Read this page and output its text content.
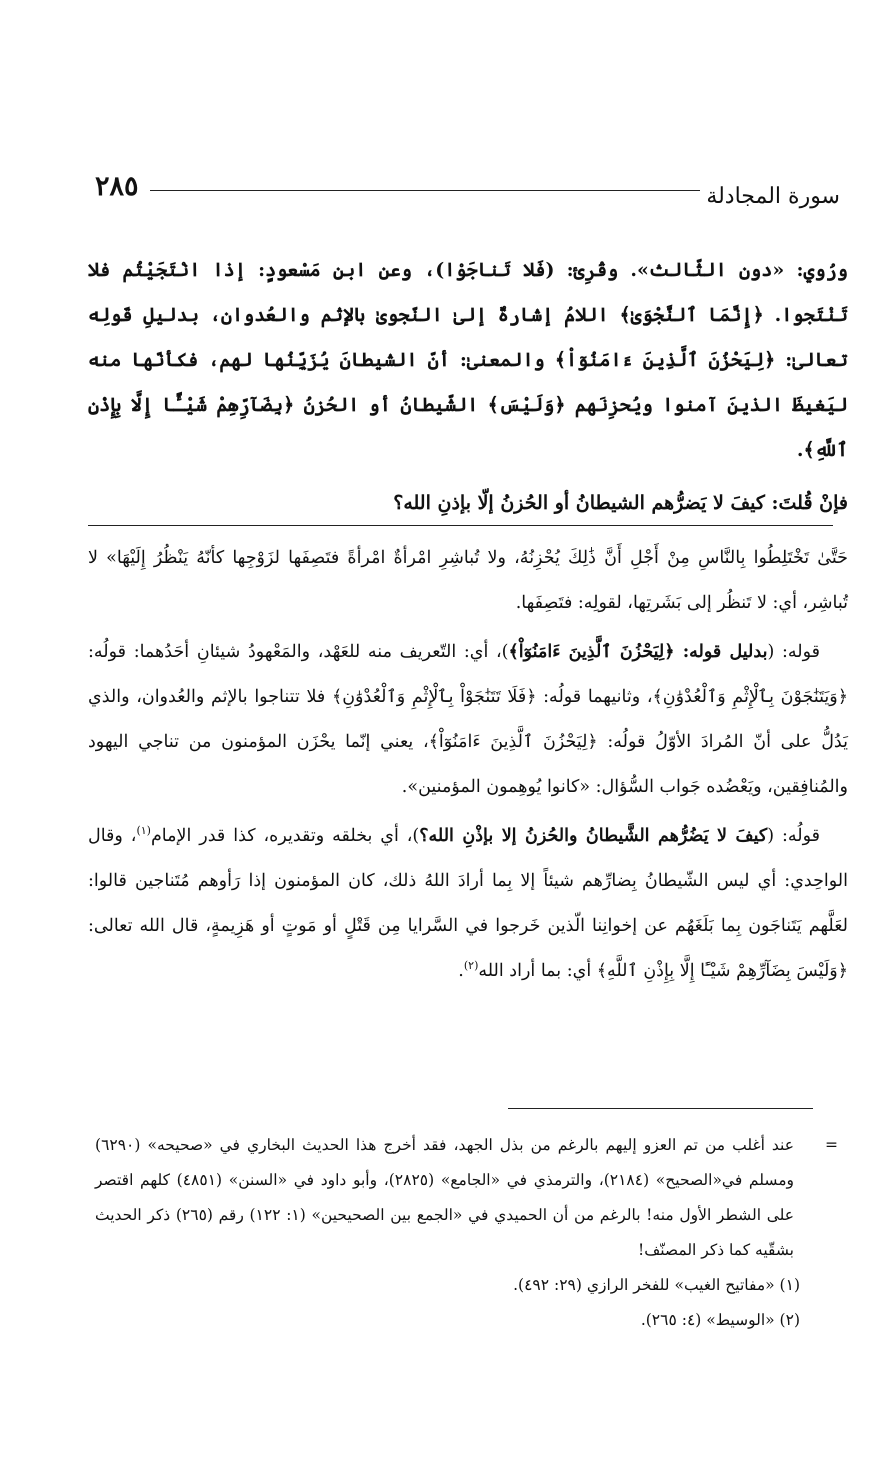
سورة المجادلة
٢٨٥

ورُوي: «دون الثّالث». وقُرِئ: (فَلا تَناجَوْا)، وعن ابنِ مَسْعودٍ: إذا انْتَجَيْتُم فلا تَنْتَجوا. ﴿إِنَّمَا ٱلنَّجْوَىٰ﴾ اللامُ إشارةٌ إلىٰ النّجوىٰ بالإثم والعُدوان، بدليلِ قَولِه تعالىٰ: ﴿لِيَحْزُنَ ٱلَّذِينَ ءَامَنُوٓاْ﴾ والمعنىٰ: أنّ الشيطانَ يُزَيِّنُها لهم، فكأنّها منه ليَغيظَ الذينَ آمنوا ويُحزِنَهم ﴿وَلَيْسَ﴾ الشّيطانُ أو الحُزنُ ﴿بِضَآرِّهِمْ شَيْـًٔا إِلَّا بِإِذْنِ ٱللَّهِ﴾.

فإنْ قُلتَ: كيفَ لا يَضرُّهم الشيطانُ أو الحُزنُ إلّا بإذنِ الله؟

حَتَّىٰ تَخْتَلِطُوا بِالنَّاسِ مِنْ أَجْلِ أَنَّ ذَٰلِكَ يُحْزِنُهُ، ولا تُباشِرِ امْرأةٌ امْرأةً فتَصِفَها لزَوْجِها كأنّهُ يَنْظُرُ إِلَيْهَا» لا تُباشِر، أي: لا تَنظُر إلى بَشَرتِها، لقولِه: فتَصِفَها.

قوله: (بدليل قوله: ﴿لِيَحْزُنَ ٱلَّذِينَ ءَامَنُوٓاْ﴾)، أي: التّعريف منه للعَهْد، والمَعْهودُ شيئانِ أحَدُهما: قولُه: ﴿وَيَتَنَٰجَوْنَ بِٱلْإِثْمِ وَٱلْعُدْوَٰنِ﴾، وثانيهما قولُه: ﴿فَلَا تَتَنَٰجَوْاْ بِٱلْإِثْمِ وَٱلْعُدْوَٰنِ﴾ فلا تتناجوا بالإثم والعُدوان، والذي يَدُلُّ على أنّ المُرادَ الأوّلُ قولُه: ﴿لِيَحْزُنَ ٱلَّذِينَ ءَامَنُوٓاْ﴾، يعني إنّما يحْزَن المؤمنون من تناجي اليهود والمُنافِقين، ويَعْضُده جَواب السُّؤال: «كانوا يُوهِمون المؤمنين».

قولُه: (كيفَ لا يَضُرُّهم الشَّيطانُ والحُزنُ إلا بإذْنِ الله؟)، أي بخلقه وتقديره، كذا قدر الإمام$^{(١)}$، وقال الواحِدي: أي ليس الشّيطانُ بِضارِّهم شيئاً إلا بِما أرادَ اللهُ ذلك، كان المؤمنون إذا رَأوهم مُتَناجين قالوا: لعَلَّهم يَتَناجَون بِما بَلَغَهُم عن إخوانِنا الّذين خَرجوا في السَّرايا مِن قَتْلٍ أو مَوتٍ أو هَزِيمةٍ، قال الله تعالى: ﴿وَلَيْسَ بِضَآرِّهِمْ شَيْـًٔا إِلَّا بِإِذْنِ ٱللَّهِ﴾ أي: بما أراد الله$^{(٢)}$.

=

عند أغلب من تم العزو إليهم بالرغم من بذل الجهد، فقد أخرج هذا الحديث البخاري في «صحيحه» (٦٢٩٠) ومسلم في«الصحيح» (٢١٨٤)، والترمذي في «الجامع» (٢٨٢٥)، وأبو داود في «السنن» (٤٨٥١) كلهم اقتصر على الشطر الأول منه! بالرغم من أن الحميدي في «الجمع بين الصحيحين» (١: ١٢٢) رقم (٢٦٥) ذكر الحديث بشقّيه كما ذكر المصنّف!

(١) «مفاتيح الغيب» للفخر الرازي (٢٩: ٤٩٢).

(٢) «الوسيط» (٤: ٢٦٥).
